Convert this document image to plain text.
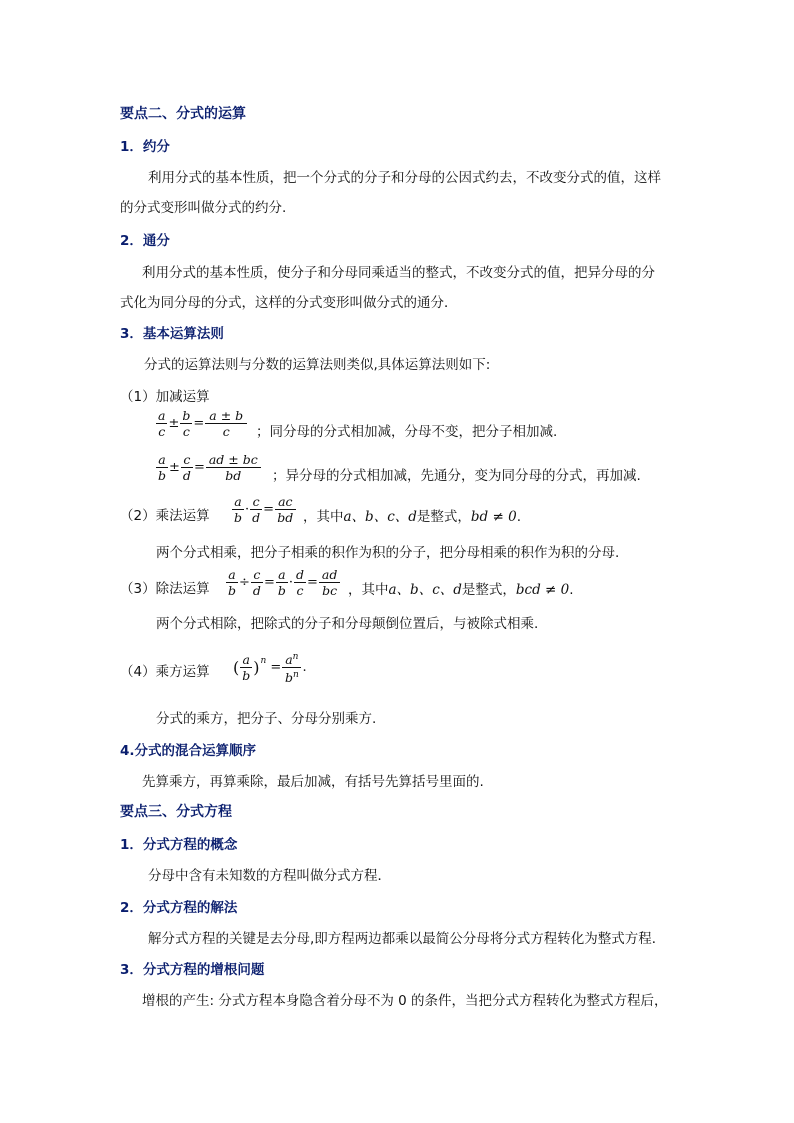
要点二、分式的运算
1．约分
利用分式的基本性质，把一个分式的分子和分母的公因式约去，不改变分式的值，这样
的分式变形叫做分式的约分.
2．通分
利用分式的基本性质，使分子和分母同乘适当的整式，不改变分式的值，把异分母的分
式化为同分母的分式，这样的分式变形叫做分式的通分．
3．基本运算法则
分式的运算法则与分数的运算法则类似,具体运算法则如下:
（1）加减运算
$\frac{a}{c} \pm \frac{b}{c} = \frac{a \pm b}{c}$ ；同分母的分式相加减，分母不变，把分子相加减.
$\frac{a}{b} \pm \frac{c}{d} = \frac{ad \pm bc}{bd}$ ；异分母的分式相加减，先通分，变为同分母的分式，再加减.
（2）乘法运算 $\frac{a}{b} \cdot \frac{c}{d} = \frac{ac}{bd}$ ，其中a、b、c、d是整式，bd ≠ 0.
两个分式相乘，把分子相乘的积作为积的分子，把分母相乘的积作为积的分母.
（3）除法运算 $\frac{a}{b} \div \frac{c}{d} = \frac{a}{b} \cdot \frac{d}{c} = \frac{ad}{bc}$ ，其中a、b、c、d是整式，bcd ≠ 0.
两个分式相除，把除式的分子和分母颠倒位置后，与被除式相乘.
（4）乘方运算 ( $\frac{a}{b} )^n = \frac{a^n}{b^n}$ .
分式的乘方，把分子、分母分别乘方.
4.分式的混合运算顺序
先算乘方，再算乘除，最后加减，有括号先算括号里面的.
要点三、分式方程
1．分式方程的概念
分母中含有未知数的方程叫做分式方程．
2．分式方程的解法
解分式方程的关键是去分母,即方程两边都乘以最简公分母将分式方程转化为整式方程．
3．分式方程的增根问题
增根的产生: 分式方程本身隐含着分母不为 0 的条件，当把分式方程转化为整式方程后，
